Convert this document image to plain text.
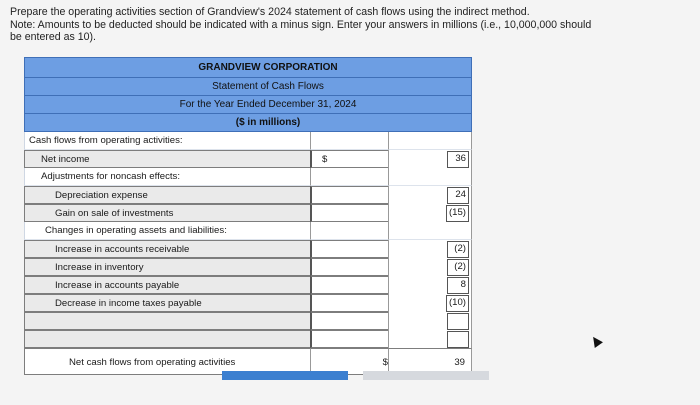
Prepare the operating activities section of Grandview's 2024 statement of cash flows using the indirect method.

Note: Amounts to be deducted should be indicated with a minus sign. Enter your answers in millions (i.e., 10,000,000 should

be entered as 10).

GRANDVIEW CORPORATION
Statement of Cash Flows
For the Year Ended December 31, 2024
($ in millions)
Cash flows from operating activities:
Net income	$	36
Adjustments for noncash effects:
Depreciation expense	24
Gain on sale of investments	(15)
Changes in operating assets and liabilities:
Increase in accounts receivable	(2)
Increase in inventory	(2)
Increase in accounts payable	8
Decrease in income taxes payable	(10)
Net cash flows from operating activities	$	39
